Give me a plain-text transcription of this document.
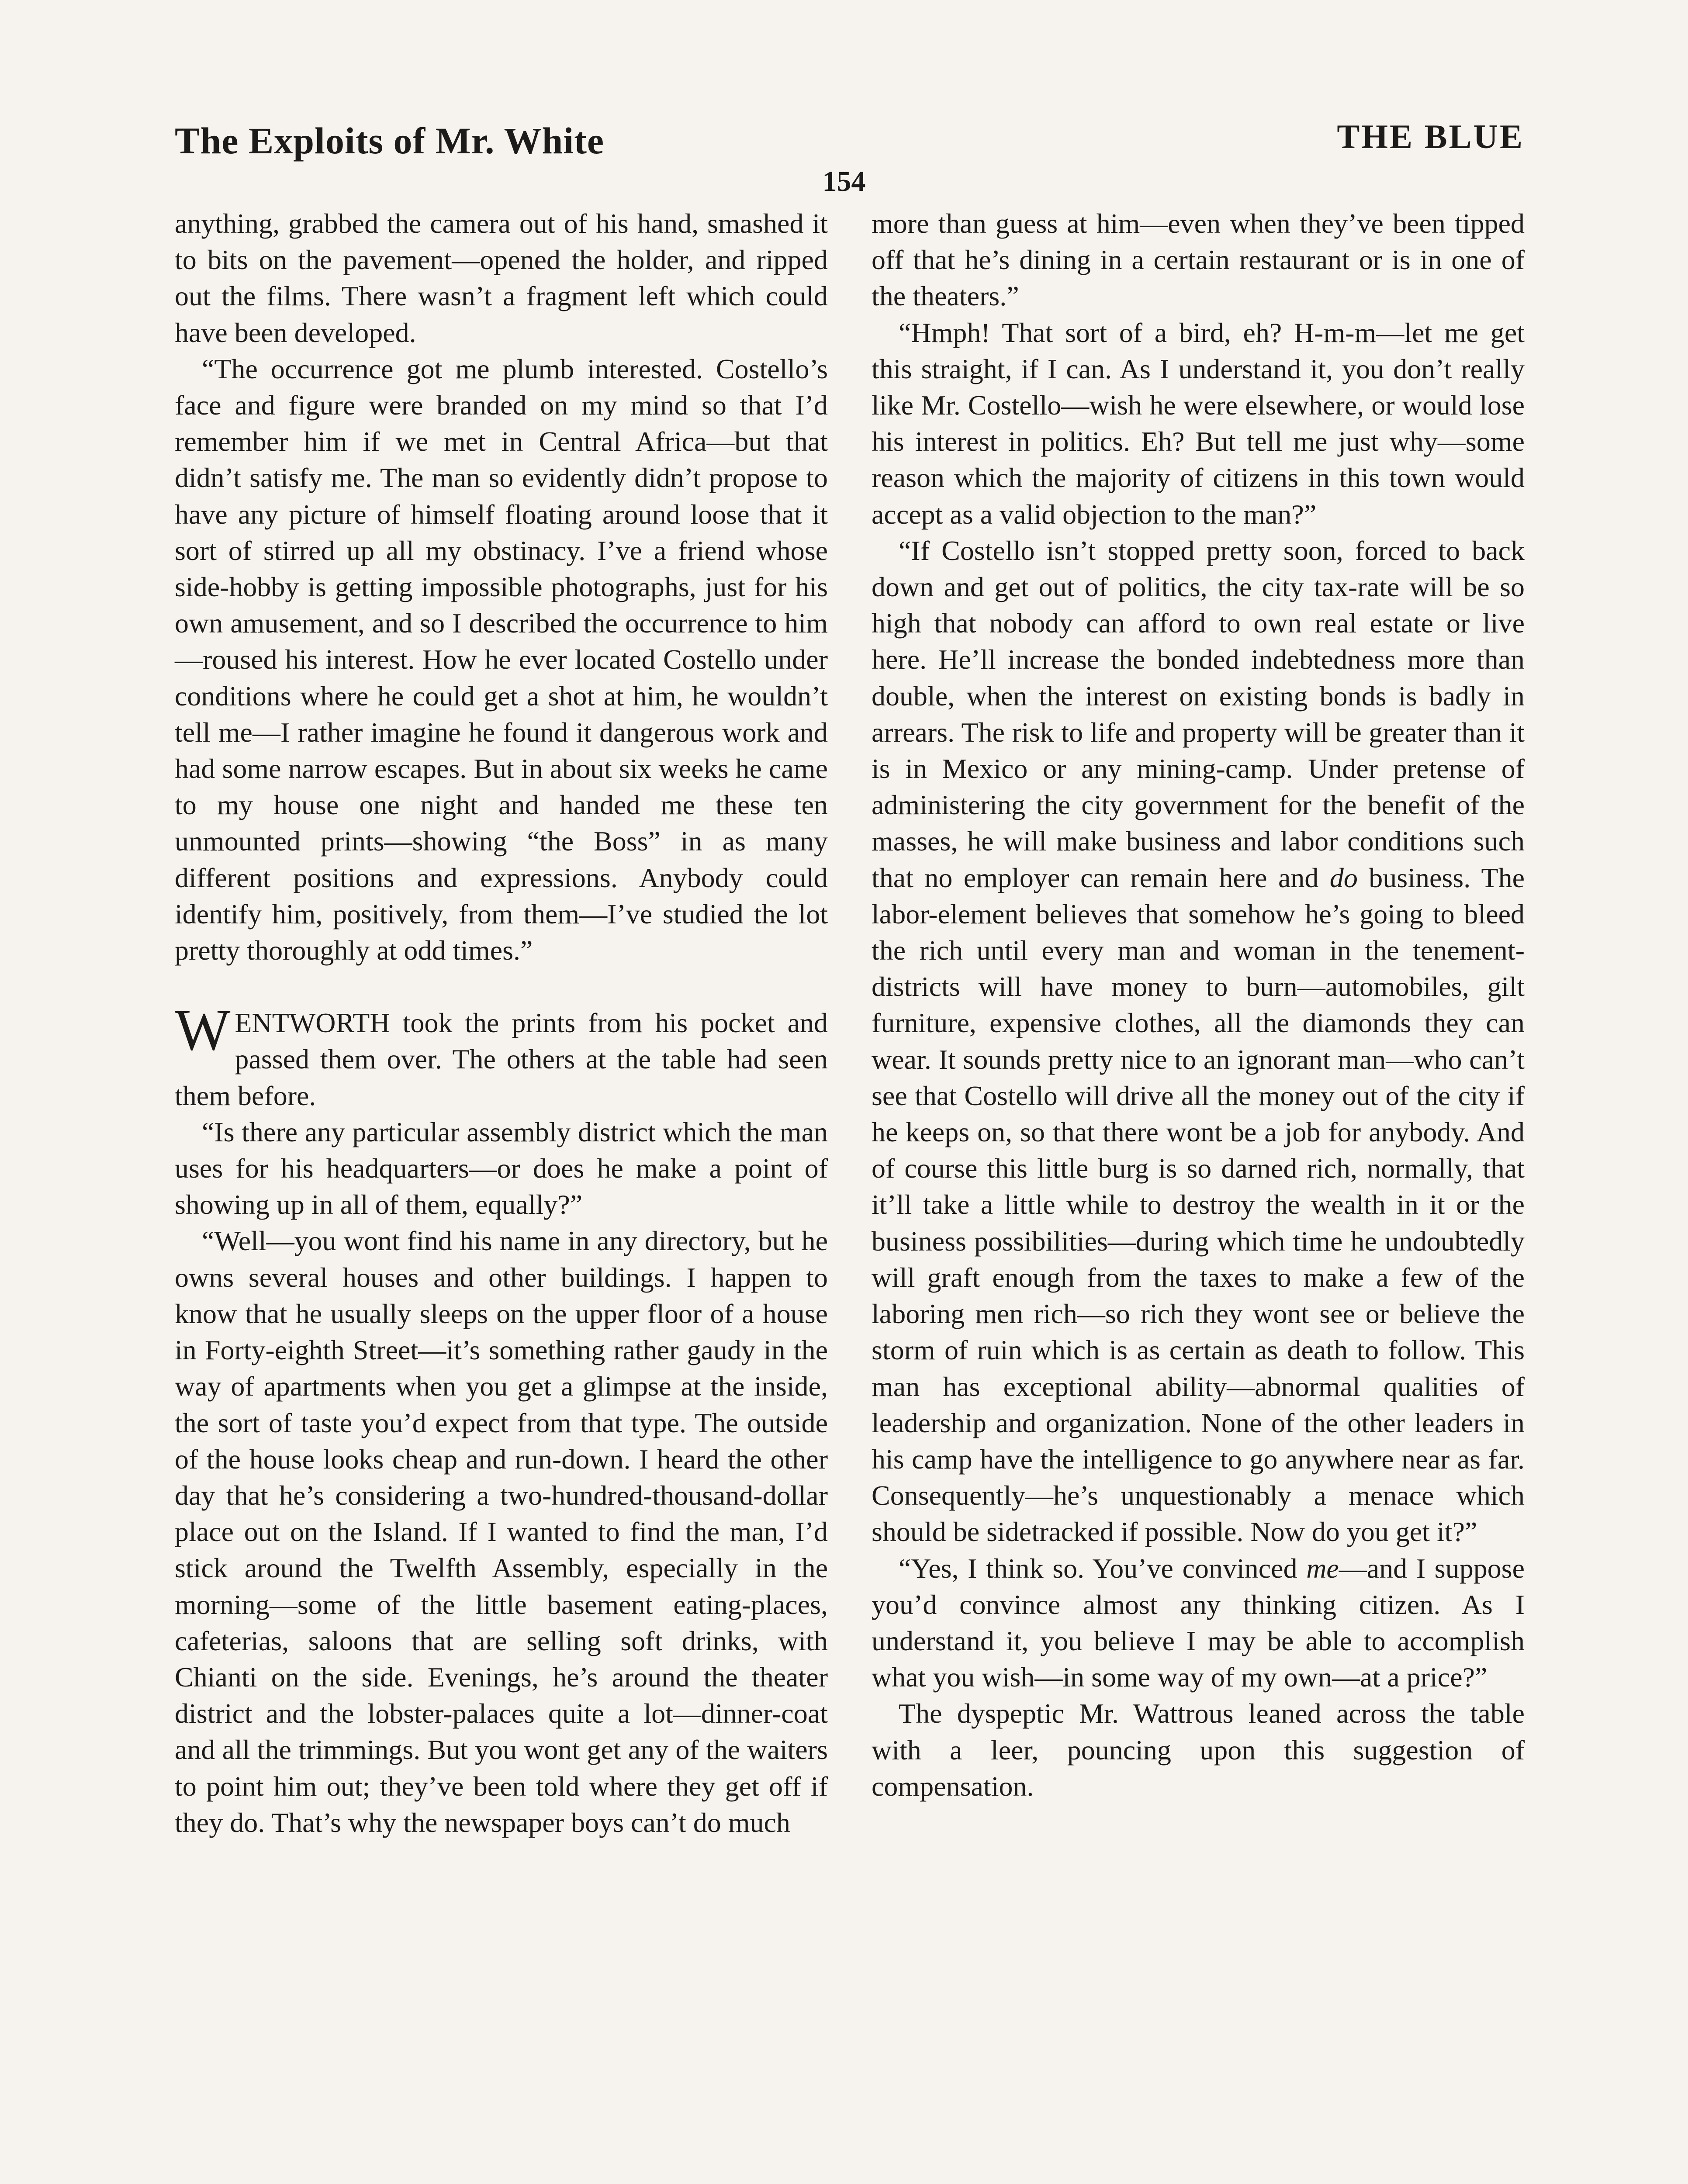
The Exploits of Mr. White	THE BLUE
154

anything, grabbed the camera out of his hand, smashed it to bits on the pavement—opened the holder, and ripped out the films. There wasn’t a fragment left which could have been developed.

“The occurrence got me plumb interested. Costello’s face and figure were branded on my mind so that I’d remember him if we met in Central Africa—but that didn’t satisfy me. The man so evidently didn’t propose to have any picture of himself floating around loose that it sort of stirred up all my obstinacy. I’ve a friend whose side-hobby is getting impossible photographs, just for his own amusement, and so I described the occurrence to him—roused his interest. How he ever located Costello under conditions where he could get a shot at him, he wouldn’t tell me—I rather imagine he found it dangerous work and had some narrow escapes. But in about six weeks he came to my house one night and handed me these ten unmounted prints—showing “the Boss” in as many different positions and expressions. Anybody could identify him, positively, from them—I’ve studied the lot pretty thoroughly at odd times.”

WENTWORTH took the prints from his pocket and passed them over. The others at the table had seen them before.

“Is there any particular assembly district which the man uses for his headquarters—or does he make a point of showing up in all of them, equally?”

“Well—you wont find his name in any directory, but he owns several houses and other buildings. I happen to know that he usually sleeps on the upper floor of a house in Forty-eighth Street—it’s something rather gaudy in the way of apartments when you get a glimpse at the inside, the sort of taste you’d expect from that type. The outside of the house looks cheap and run-down. I heard the other day that he’s considering a two-hundred-thousand-dollar place out on the Island. If I wanted to find the man, I’d stick around the Twelfth Assembly, especially in the morning—some of the little basement eating-places, cafeterias, saloons that are selling soft drinks, with Chianti on the side. Evenings, he’s around the theater district and the lobster-palaces quite a lot—dinner-coat and all the trimmings. But you wont get any of the waiters to point him out; they’ve been told where they get off if they do. That’s why the newspaper boys can’t do much

more than guess at him—even when they’ve been tipped off that he’s dining in a certain restaurant or is in one of the theaters.”

“Hmph! That sort of a bird, eh? H-m-m—let me get this straight, if I can. As I understand it, you don’t really like Mr. Costello—wish he were elsewhere, or would lose his interest in politics. Eh? But tell me just why—some reason which the majority of citizens in this town would accept as a valid objection to the man?”

“If Costello isn’t stopped pretty soon, forced to back down and get out of politics, the city tax-rate will be so high that nobody can afford to own real estate or live here. He’ll increase the bonded indebtedness more than double, when the interest on existing bonds is badly in arrears. The risk to life and property will be greater than it is in Mexico or any mining-camp. Under pretense of administering the city government for the benefit of the masses, he will make business and labor conditions such that no employer can remain here and do business. The labor-element believes that somehow he’s going to bleed the rich until every man and woman in the tenement-districts will have money to burn—automobiles, gilt furniture, expensive clothes, all the diamonds they can wear. It sounds pretty nice to an ignorant man—who can’t see that Costello will drive all the money out of the city if he keeps on, so that there wont be a job for anybody. And of course this little burg is so darned rich, normally, that it’ll take a little while to destroy the wealth in it or the business possibilities—during which time he undoubtedly will graft enough from the taxes to make a few of the laboring men rich—so rich they wont see or believe the storm of ruin which is as certain as death to follow. This man has exceptional ability—abnormal qualities of leadership and organization. None of the other leaders in his camp have the intelligence to go anywhere near as far. Consequently—he’s unquestionably a menace which should be sidetracked if possible. Now do you get it?”

“Yes, I think so. You’ve convinced me—and I suppose you’d convince almost any thinking citizen. As I understand it, you believe I may be able to accomplish what you wish—in some way of my own—at a price?”

The dyspeptic Mr. Wattrous leaned across the table with a leer, pouncing upon this suggestion of compensation.
